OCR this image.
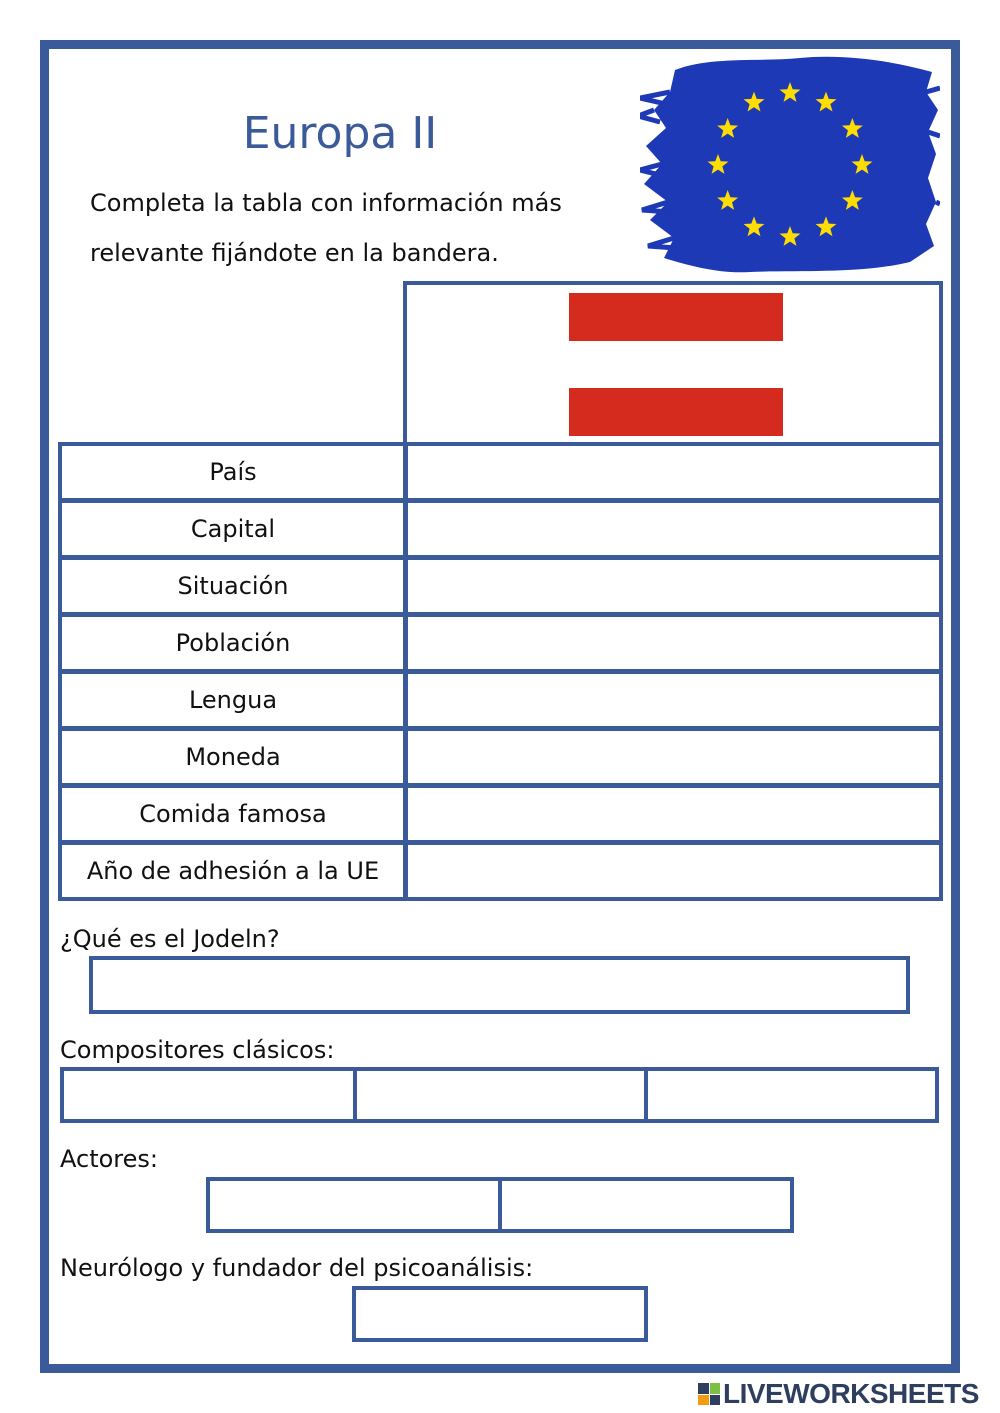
Europa II
Completa la tabla con información más
relevante fijándote en la bandera.
País
Capital
Situación
Población
Lengua
Moneda
Comida famosa
Año de adhesión a la UE
¿Qué es el Jodeln?
Compositores clásicos:
Actores:
Neurólogo y fundador del psicoanálisis:
LIVEWORKSHEETS
